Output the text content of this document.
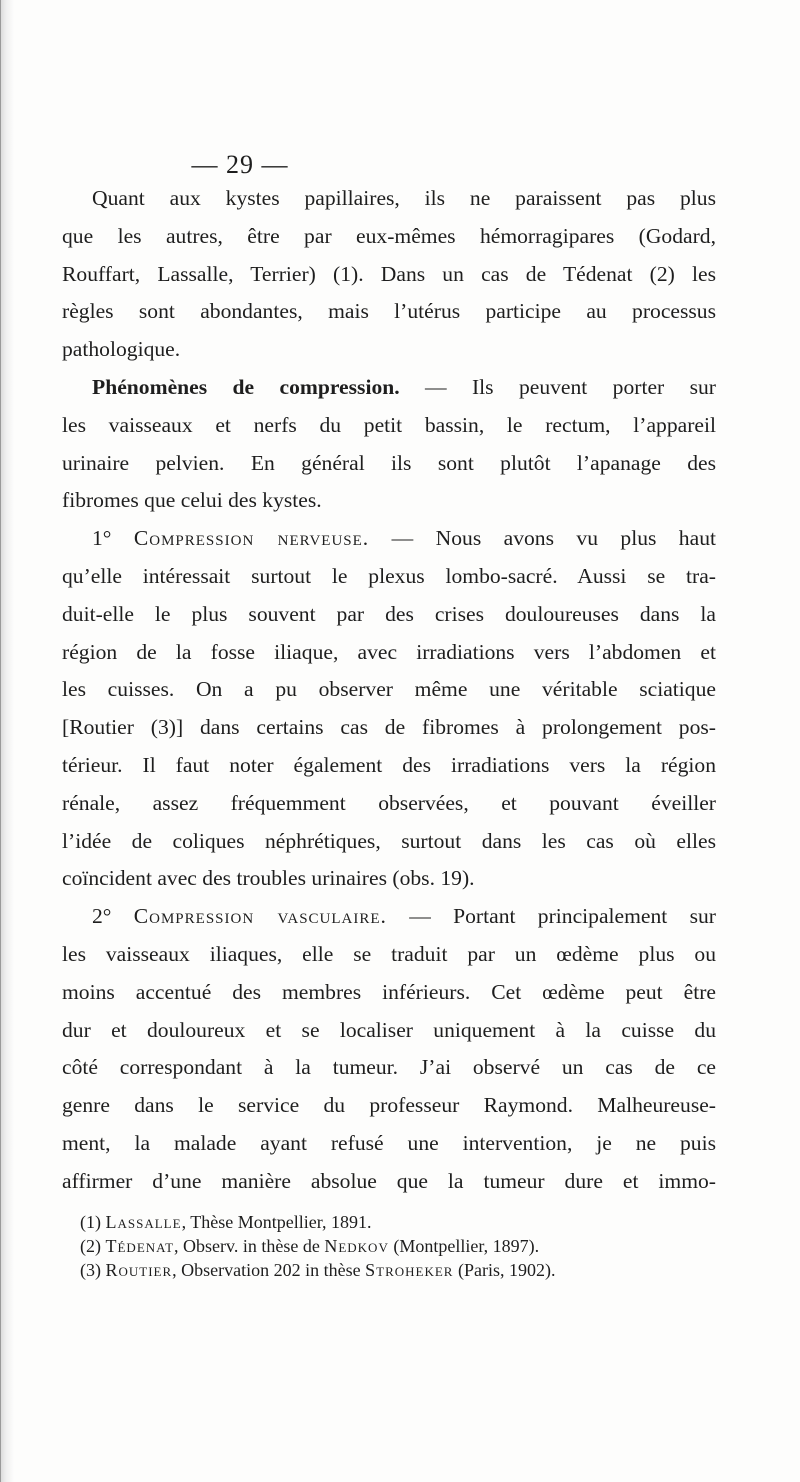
— 29 —
Quant aux kystes papillaires, ils ne paraissent pas plus
que les autres, être par eux-mêmes hémorragipares (Godard,
Rouffart, Lassalle, Terrier) (1). Dans un cas de Tédenat (2) les
règles sont abondantes, mais l’utérus participe au processus
pathologique.
Phénomènes de compression. — Ils peuvent porter sur
les vaisseaux et nerfs du petit bassin, le rectum, l’appareil
urinaire pelvien. En général ils sont plutôt l’apanage des
fibromes que celui des kystes.
1° Compression nerveuse. — Nous avons vu plus haut
qu’elle intéressait surtout le plexus lombo-sacré. Aussi se tra-
duit-elle le plus souvent par des crises douloureuses dans la
région de la fosse iliaque, avec irradiations vers l’abdomen et
les cuisses. On a pu observer même une véritable sciatique
[Routier (3)] dans certains cas de fibromes à prolongement pos-
térieur. Il faut noter également des irradiations vers la région
rénale, assez fréquemment observées, et pouvant éveiller
l’idée de coliques néphrétiques, surtout dans les cas où elles
coïncident avec des troubles urinaires (obs. 19).
2° Compression vasculaire. — Portant principalement sur
les vaisseaux iliaques, elle se traduit par un œdème plus ou
moins accentué des membres inférieurs. Cet œdème peut être
dur et douloureux et se localiser uniquement à la cuisse du
côté correspondant à la tumeur. J’ai observé un cas de ce
genre dans le service du professeur Raymond. Malheureuse-
ment, la malade ayant refusé une intervention, je ne puis
affirmer d’une manière absolue que la tumeur dure et immo-
(1) Lassalle, Thèse Montpellier, 1891.
(2) Tédenat, Observ. in thèse de Nedkov (Montpellier, 1897).
(3) Routier, Observation 202 in thèse Stroheker (Paris, 1902).
